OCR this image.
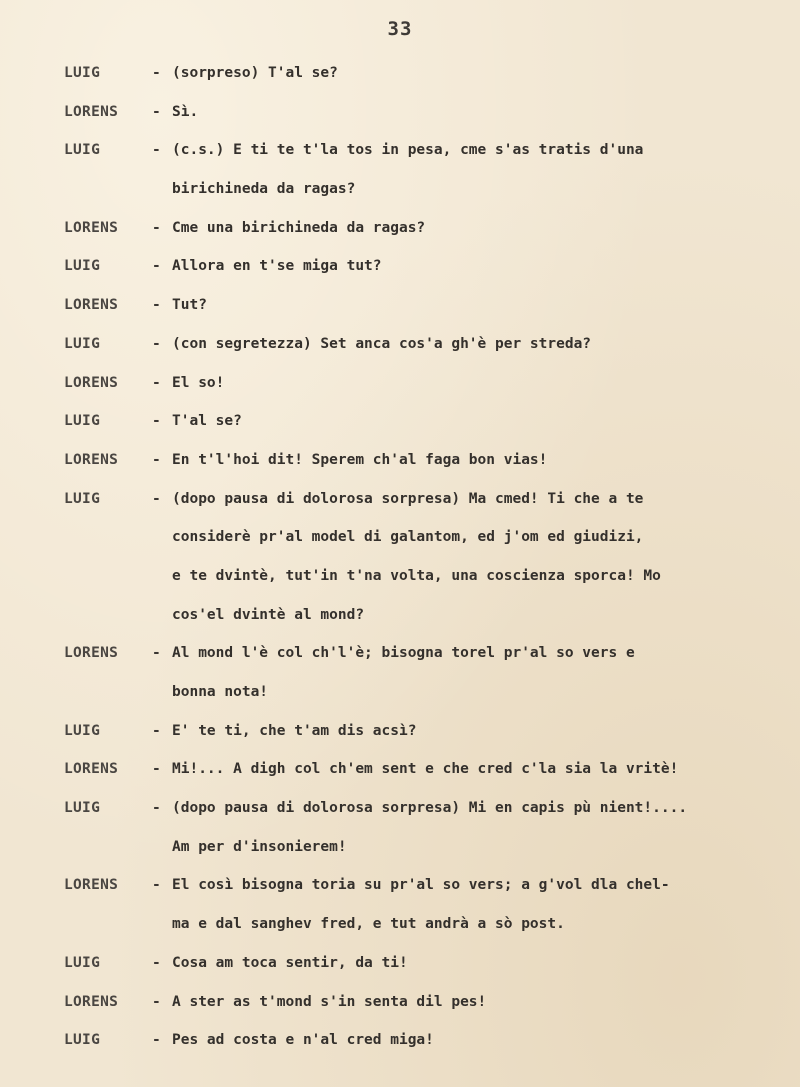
33
LUIG	- (sorpreso) T'al se?
LORENS - Sì.
LUIG	- (c.s.) E ti te t'la tos in pesa, cme s'as tratis d'una
birichineda da ragas?
LORENS - Cme una birichineda da ragas?
LUIG	- Allora en t'se miga tut?
LORENS - Tut?
LUIG	- (con segretezza) Set anca cos'a gh'è per streda?
LORENS - El so!
LUIG	- T'al se?
LORENS - En t'l'hoi dit! Sperem ch'al faga bon vias!
LUIG	- (dopo pausa di dolorosa sorpresa) Ma cmed! Ti che a te
considerè pr'al model di galantom, ed j'om ed giudizi,
e te dvintè, tut'in t'na volta, una coscienza sporca! Mo
cos'el dvintè al mond?
LORENS - Al mond l'è col ch'l'è; bisogna torel pr'al so vers e
bonna nota!
LUIG	- E' te ti, che t'am dis acsì?
LORENS - Mi!... A digh col ch'em sent e che cred c'la sia la vritè!
LUIG	- (dopo pausa di dolorosa sorpresa) Mi en capis pù nient!....
Am per d'insonierem!
LORENS - El così bisogna toria su pr'al so vers; a g'vol dla chel-
ma e dal sanghev fred, e tut andrà a sò post.
LUIG	- Cosa am toca sentir, da ti!
LORENS - A ster as t'mond s'in senta dil pes!
LUIG	- Pes ad costa e n'al cred miga!
